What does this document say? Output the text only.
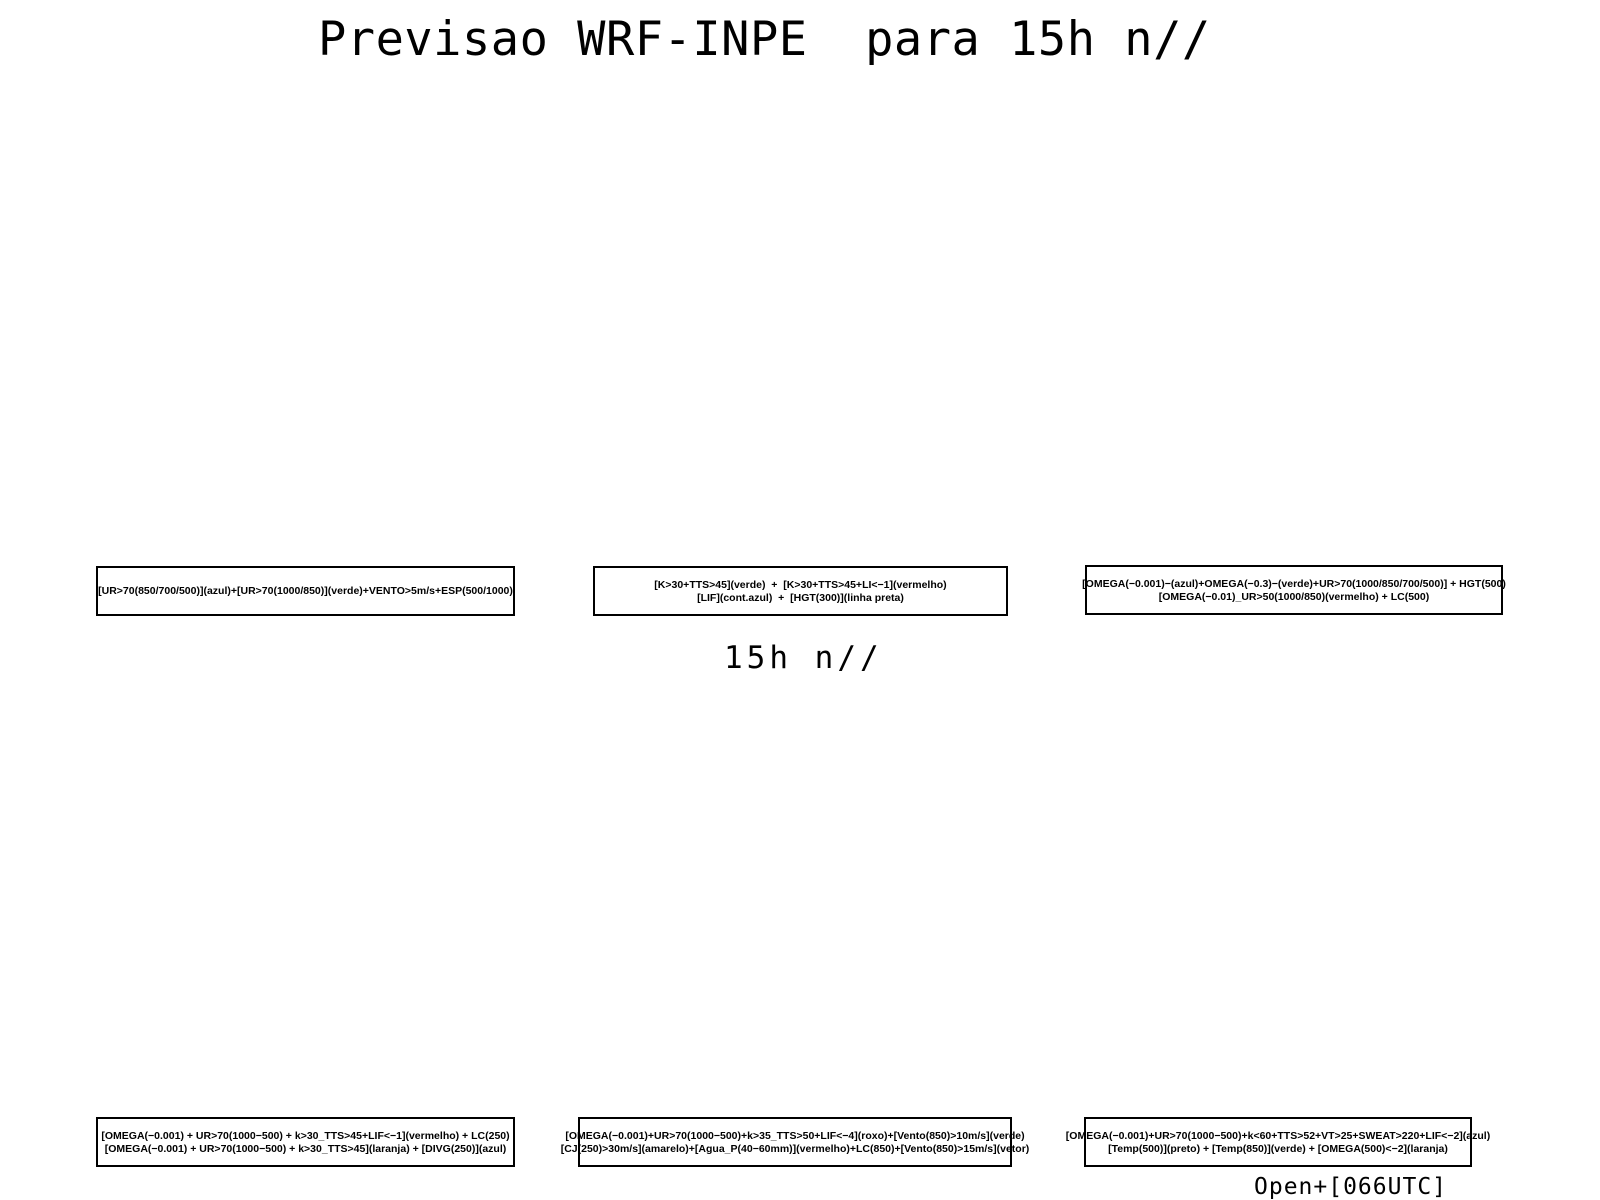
Previsao WRF-INPE  para 15h n//
[UR>70(850/700/500)](azul)+[UR>70(1000/850)](verde)+VENTO>5m/s+ESP(500/1000)
[K>30+TTS>45](verde)  +  [K>30+TTS>45+LI<−1](vermelho)
[LIF](cont.azul)  +  [HGT(300)](linha preta)
[OMEGA(−0.001)−(azul)+OMEGA(−0.3)−(verde)+UR>70(1000/850/700/500)] + HGT(500)
[OMEGA(−0.01)_UR>50(1000/850)(vermelho) + LC(500)
15h n//
[OMEGA(−0.001) + UR>70(1000−500) + k>30_TTS>45+LIF<−1](vermelho) + LC(250)
[OMEGA(−0.001) + UR>70(1000−500) + k>30_TTS>45](laranja) + [DIVG(250)](azul)
[OMEGA(−0.001)+UR>70(1000−500)+k>35_TTS>50+LIF<−4](roxo)+[Vento(850)>10m/s](verde)
[CJ(250)>30m/s](amarelo)+[Agua_P(40−60mm)](vermelho)+LC(850)+[Vento(850)>15m/s](vetor)
[OMEGA(−0.001)+UR>70(1000−500)+k<60+TTS>52+VT>25+SWEAT>220+LIF<−2](azul)
[Temp(500)](preto) + [Temp(850)](verde) + [OMEGA(500)<−2](laranja)
Open+[066UTC]
